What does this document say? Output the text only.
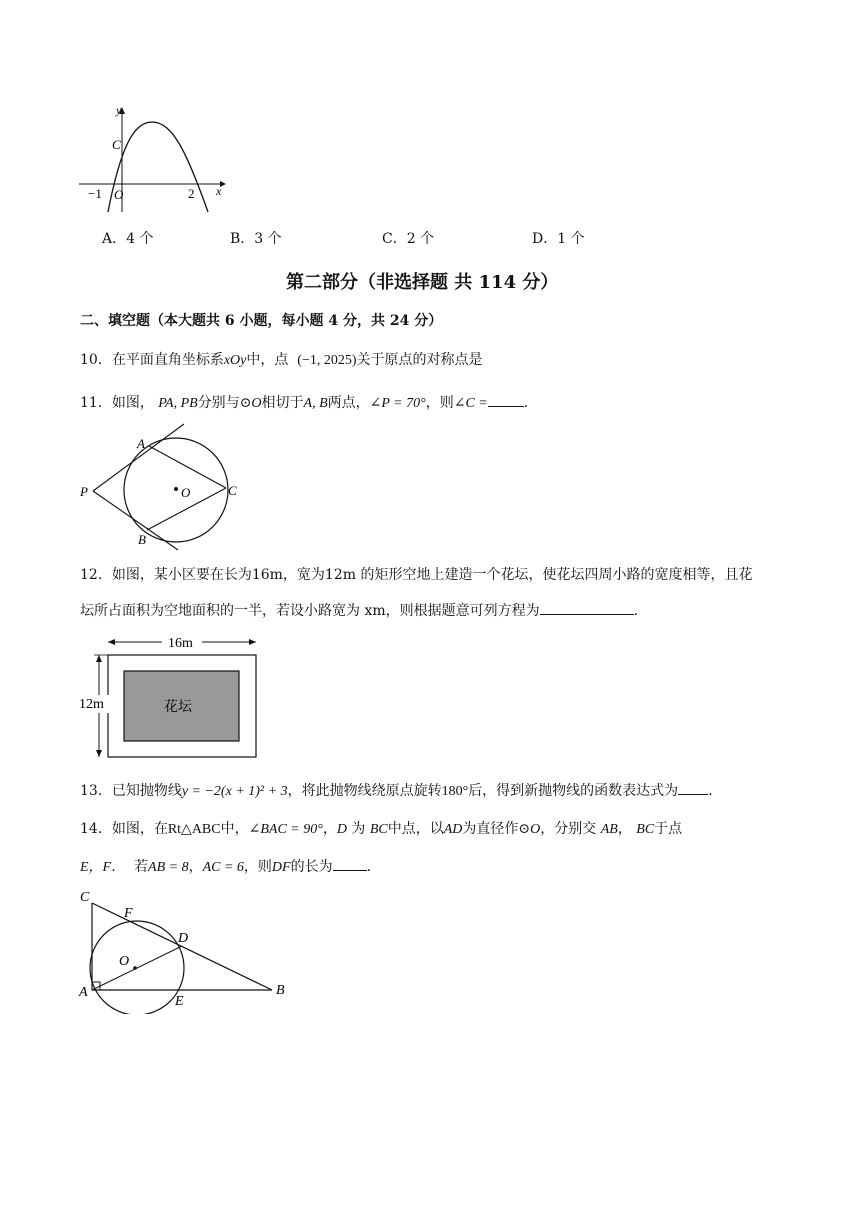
y
C
O
−1	2 x
A．4 个	B．3 个	C．2 个	D．1 个
第二部分（非选择题 共 114 分）
二、填空题（本大题共 6 小题，每小题 4 分，共 24 分）
10．在平面直角坐标系xOy中，点 (−1, 2025)关于原点的对称点是
11．如图， PA, PB分别与⊙O相切于A, B两点，∠P = 70°，则∠C =	.
A
B
C
O
P
12．如图，某小区要在长为16m，宽为12m 的矩形空地上建造一个花坛，使花坛四周小路的宽度相等，且花
坛所占面积为空地面积的一半，若设小路宽为 xm，则根据题意可列方程为	.
16m
12m	花坛
13．已知抛物线y = −2(x + 1)² + 3，将此抛物线绕原点旋转180°后，得到新抛物线的函数表达式为 .
14．如图，在Rt△ABC中，∠BAC = 90°，D 为 BC中点，以AD为直径作⊙O，分别交 AB， BC于点
E，F． 若AB = 8，AC = 6，则DF的长为 .
C
F
D
O
A
E
B
